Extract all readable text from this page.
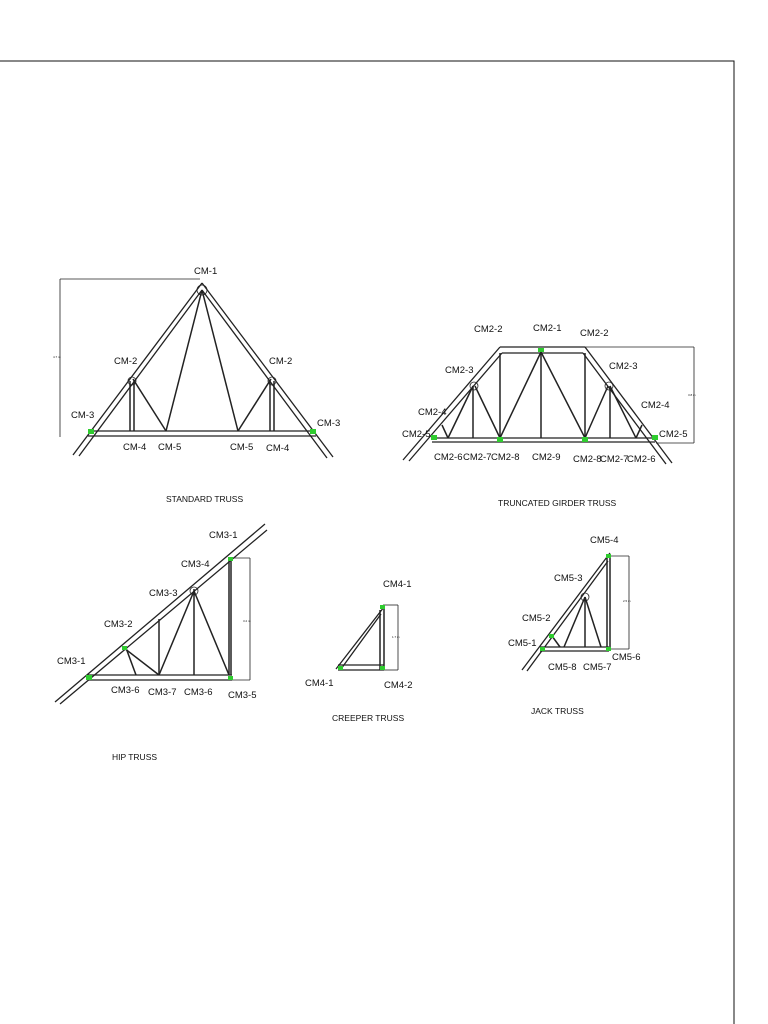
4.7 m
CM-1
CM-2	CM-2
CM-3
CM-3
CM-4 CM-5	CM-5 CM-4
STANDARD TRUSS
3.8 m
CM2-1
CM2-2	CM2-2
CM2-3	CM2-3
CM2-4
CM2-4
CM2-5	CM2-5
CM2-6 CM2-7 CM2-8 CM2-9 CM2-8
CM2-7
CM2-6
TRUNCATED GIRDER TRUSS
3.2 m
CM3-1
CM3-4
CM3-3
CM3-2
CM3-1
CM3-6 CM3-7 CM3-6 CM3-5
HIP TRUSS
1.7 m
CM4-1
CM4-1	CM4-2
CREEPER TRUSS
2.5 m
CM5-4
CM5-3
CM5-2
CM5-1
CM5-8 CM5-7
CM5-6
JACK TRUSS
